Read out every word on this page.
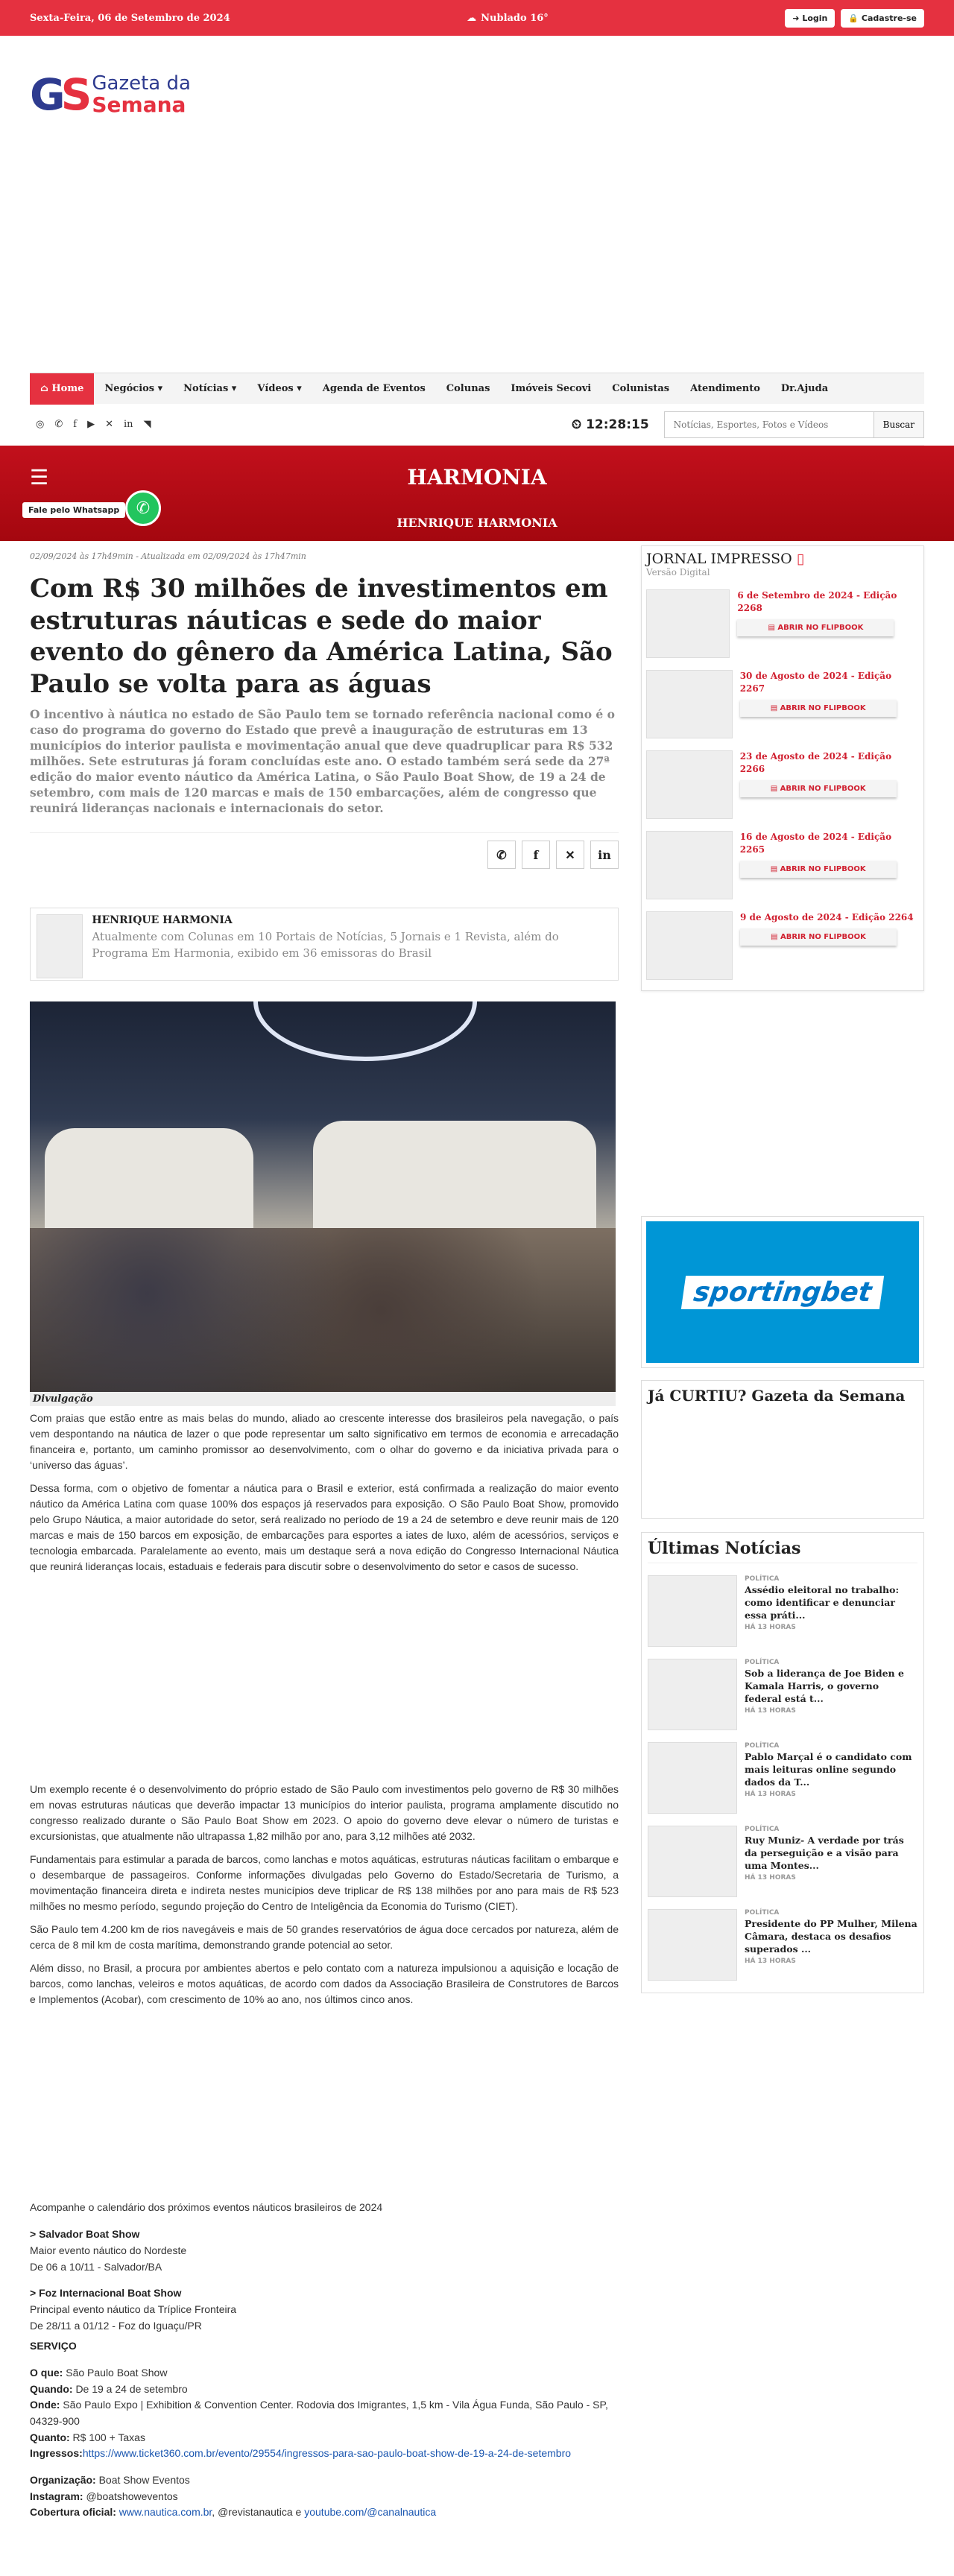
Sexta-Feira, 06 de Setembro de 2024	☁ Nublado 16°	➜ Login	🔒 Cadastre-se
GS Gazeta da
Semana
⌂ Home	Negócios ▾	Notícias ▾	Vídeos ▾	Agenda de Eventos	Colunas	Imóveis Secovi	Colunistas	Atendimento	Dr.Ajuda
◎ ✆ f ▶ ✕ in ◥	⏲ 12:28:15
Notícias, Esportes, Fotos e Vídeos	Buscar
☰	HARMONIA
HENRIQUE HARMONIA
Fale pelo Whatsapp	✆
02/09/2024 às 17h49min - Atualizada em 02/09/2024 às 17h47min
Com R$ 30 milhões de investimentos em estruturas náuticas e sede do maior evento do gênero da América Latina, São Paulo se volta para as águas
O incentivo à náutica no estado de São Paulo tem se tornado referência nacional como é o caso do programa do governo do Estado que prevê a inauguração de estruturas em 13 municípios do interior paulista e movimentação anual que deve quadruplicar para R$ 532 milhões. Sete estruturas já foram concluídas este ano. O estado também será sede da 27ª edição do maior evento náutico da América Latina, o São Paulo Boat Show, de 19 a 24 de setembro, com mais de 120 marcas e mais de 150 embarcações, além de congresso que reunirá lideranças nacionais e internacionais do setor.
✆	f	✕	in
HENRIQUE HARMONIA
Atualmente com Colunas em 10 Portais de Notícias, 5 Jornais e 1 Revista, além do Programa Em Harmonia, exibido em 36 emissoras do Brasil
Divulgação

Com praias que estão entre as mais belas do mundo, aliado ao crescente interesse dos brasileiros pela navegação, o país vem despontando na náutica de lazer o que pode representar um salto significativo em termos de economia e arrecadação financeira e, portanto, um caminho promissor ao desenvolvimento, com o olhar do governo e da iniciativa privada para o ‘universo das águas’.

Dessa forma, com o objetivo de fomentar a náutica para o Brasil e exterior, está confirmada a realização do maior evento náutico da América Latina com quase 100% dos espaços já reservados para exposição. O São Paulo Boat Show, promovido pelo Grupo Náutica, a maior autoridade do setor, será realizado no período de 19 a 24 de setembro e deve reunir mais de 120 marcas e mais de 150 barcos em exposição, de embarcações para esportes a iates de luxo, além de acessórios, serviços e tecnologia embarcada. Paralelamente ao evento, mais um destaque será a nova edição do Congresso Internacional Náutica que reunirá lideranças locais, estaduais e federais para discutir sobre o desenvolvimento do setor e casos de sucesso.

Um exemplo recente é o desenvolvimento do próprio estado de São Paulo com investimentos pelo governo de R$ 30 milhões em novas estruturas náuticas que deverão impactar 13 municípios do interior paulista, programa amplamente discutido no congresso realizado durante o São Paulo Boat Show em 2023. O apoio do governo deve elevar o número de turistas e excursionistas, que atualmente não ultrapassa 1,82 milhão por ano, para 3,12 milhões até 2032.

Fundamentais para estimular a parada de barcos, como lanchas e motos aquáticas, estruturas náuticas facilitam o embarque e o desembarque de passageiros. Conforme informações divulgadas pelo Governo do Estado/Secretaria de Turismo, a movimentação financeira direta e indireta nestes municípios deve triplicar de R$ 138 milhões por ano para mais de R$ 523 milhões no mesmo período, segundo projeção do Centro de Inteligência da Economia do Turismo (CIET).

São Paulo tem 4.200 km de rios navegáveis e mais de 50 grandes reservatórios de água doce cercados por natureza, além de cerca de 8 mil km de costa marítima, demonstrando grande potencial ao setor.

Além disso, no Brasil, a procura por ambientes abertos e pelo contato com a natureza impulsionou a aquisição e locação de barcos, como lanchas, veleiros e motos aquáticas, de acordo com dados da Associação Brasileira de Construtores de Barcos e Implementos (Acobar), com crescimento de 10% ao ano, nos últimos cinco anos.

Acompanhe o calendário dos próximos eventos náuticos brasileiros de 2024
> Salvador Boat Show
Maior evento náutico do Nordeste
De 06 a 10/11 - Salvador/BA
> Foz Internacional Boat Show
Principal evento náutico da Tríplice Fronteira
De 28/11 a 01/12 - Foz do Iguaçu/PR
SERVIÇO
O que: São Paulo Boat Show
Quando: De 19 a 24 de setembro
Onde: São Paulo Expo | Exhibition & Convention Center. Rodovia dos Imigrantes, 1,5 km - Vila Água Funda, São Paulo - SP, 04329-900
Quanto: R$ 100 + Taxas
Ingressos:https://www.ticket360.com.br/evento/29554/ingressos-para-sao-paulo-boat-show-de-19-a-24-de-setembro
Organização: Boat Show Eventos
Instagram: @boatshoweventos
Cobertura oficial: www.nautica.com.br, @revistanautica e youtube.com/@canalnautica
JORNAL IMPRESSO ▯
Versão Digital
6 de Setembro de 2024 - Edição 2268
▤ ABRIR NO FLIPBOOK
30 de Agosto de 2024 - Edição 2267
▤ ABRIR NO FLIPBOOK
23 de Agosto de 2024 - Edição 2266
▤ ABRIR NO FLIPBOOK
16 de Agosto de 2024 - Edição 2265
▤ ABRIR NO FLIPBOOK
9 de Agosto de 2024 - Edição 2264
▤ ABRIR NO FLIPBOOK
sportingbet
Já CURTIU? Gazeta da Semana
Últimas Notícias
POLÍTICA
Assédio eleitoral no trabalho: como identificar e denunciar essa práti...
HÁ 13 HORAS
POLÍTICA
Sob a liderança de Joe Biden e Kamala Harris, o governo federal está t...
HÁ 13 HORAS
POLÍTICA
Pablo Marçal é o candidato com mais leituras online segundo dados da T...
HÁ 13 HORAS
POLÍTICA
Ruy Muniz- A verdade por trás da perseguição e a visão para uma Montes...
HÁ 13 HORAS
POLÍTICA
Presidente do PP Mulher, Milena Câmara, destaca os desafios superados ...
HÁ 13 HORAS
